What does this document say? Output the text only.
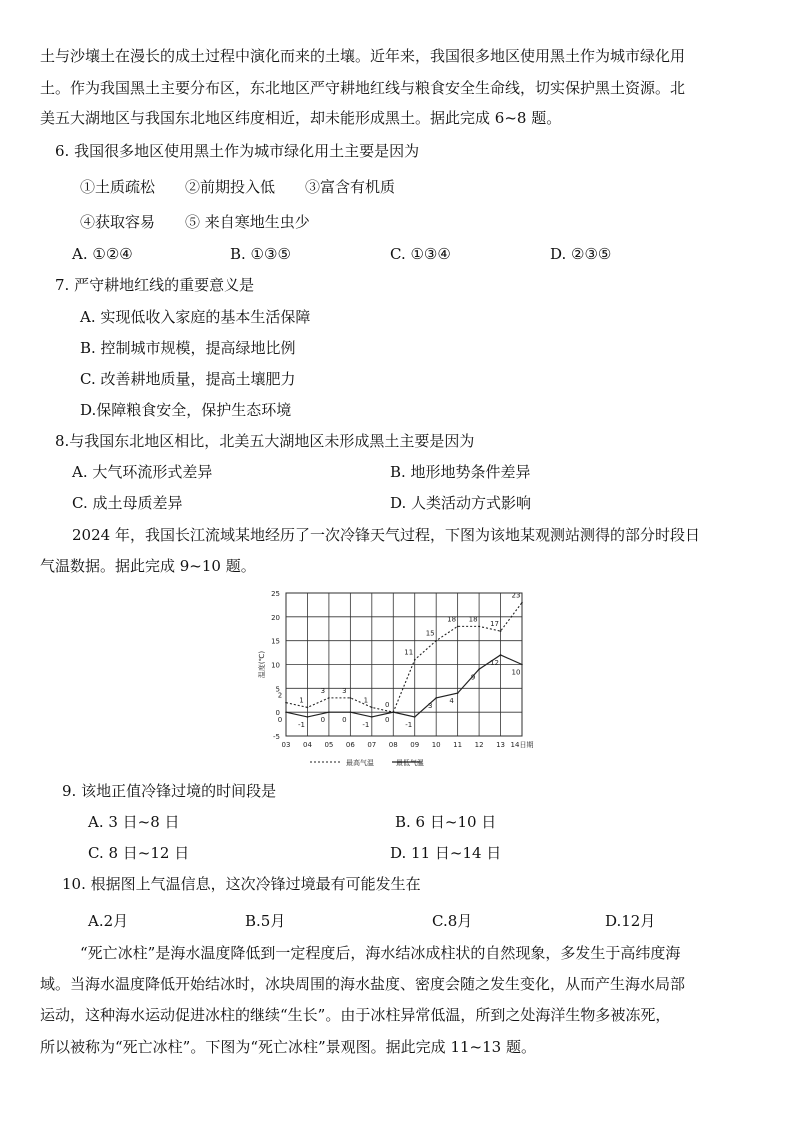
土与沙壤土在漫长的成土过程中演化而来的土壤。近年来，我国很多地区使用黑土作为城市绿化用
土。作为我国黑土主要分布区，东北地区严守耕地红线与粮食安全生命线，切实保护黑土资源。北
美五大湖地区与我国东北地区纬度相近，却未能形成黑土。据此完成 6~8 题。
6. 我国很多地区使用黑土作为城市绿化用土主要是因为
①土质疏松 ②前期投入低 ③富含有机质
④获取容易 ⑤ 来自寒地生虫少
A. ①②④	B. ①③⑤	C. ①③④	D. ②③⑤
7. 严守耕地红线的重要意义是
A. 实现低收入家庭的基本生活保障
B. 控制城市规模，提高绿地比例
C. 改善耕地质量，提高土壤肥力
D.保障粮食安全，保护生态环境
8.与我国东北地区相比，北美五大湖地区未形成黑土主要是因为
A. 大气环流形式差异	B. 地形地势条件差异
C. 成土母质差异	D. 人类活动方式影响
2024 年，我国长江流域某地经历了一次冷锋天气过程，下图为该地某观测站测得的部分时段日
气温数据。据此完成 9~10 题。
25
20
15
10
5
0
-5
03 04 05 06 07 08 09 10 11 12 13 14日期
温度(℃)
2
1
3 3
1
0
11
15
18 18
17
23
0
-1
0 0
-1
0
-1
3
4
9
12
10
最高气温	最低气温
9. 该地正值冷锋过境的时间段是
A. 3 日~8 日	B. 6 日~10 日
C. 8 日~12 日	D. 11 日~14 日
10. 根据图上气温信息，这次冷锋过境最有可能发生在
A.2月	B.5月	C.8月	D.12月
“死亡冰柱”是海水温度降低到一定程度后，海水结冰成柱状的自然现象，多发生于高纬度海
域。当海水温度降低开始结冰时，冰块周围的海水盐度、密度会随之发生变化，从而产生海水局部
运动，这种海水运动促进冰柱的继续“生长”。由于冰柱异常低温，所到之处海洋生物多被冻死，
所以被称为“死亡冰柱”。下图为“死亡冰柱”景观图。据此完成 11~13 题。
